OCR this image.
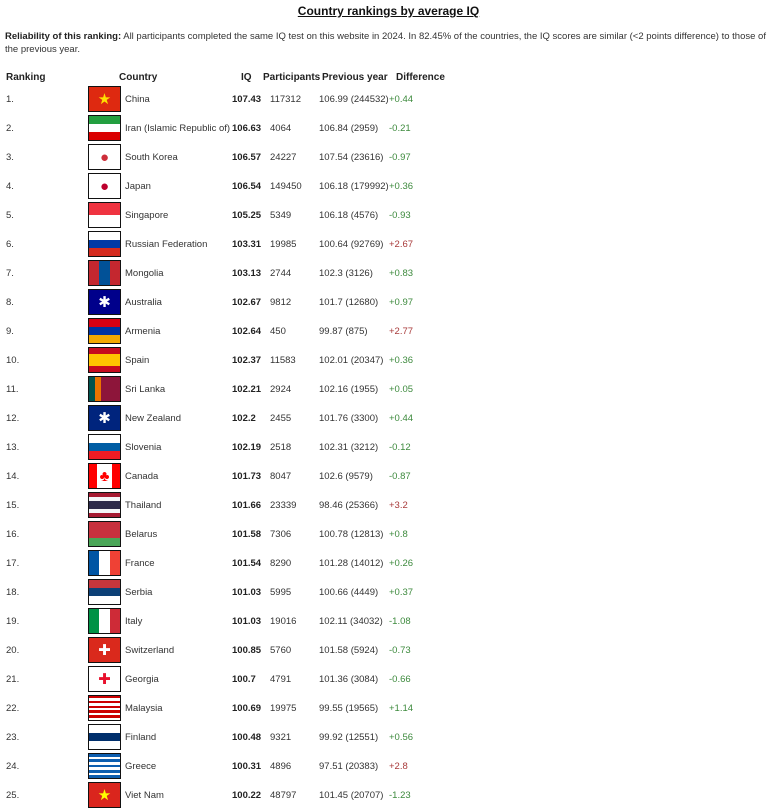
Country rankings by average IQ
Reliability of this ranking: All participants completed the same IQ test on this website in 2024. In 82.45% of the countries, the IQ scores are similar (<2 points difference) to those of the previous year.
Ranking	Country	IQ Participants Previous year Difference
★
1.	China	107.43 117312 106.99 (244532) +0.44
2.	Iran (Islamic Republic of) 106.63 4064	106.84 (2959) -0.21
●
3.	South Korea	106.57 24227 107.54 (23616) -0.97
●
4.	Japan	106.54 149450 106.18 (179992) +0.36
5.	Singapore	105.25 5349	106.18 (4576) -0.93
6.	Russian Federation	103.31 19985 100.64 (92769) +2.67
7.	Mongolia	103.13 2744	102.3 (3126) +0.83
✱
8.	Australia	102.67 9812	101.7 (12680) +0.97
9.	Armenia	102.64 450	99.87 (875) +2.77
10.	Spain	102.37 11583 102.01 (20347) +0.36
11.	Sri Lanka	102.21 2924	102.16 (1955) +0.05
✱
12.	New Zealand	102.2 2455	101.76 (3300) +0.44
13.	Slovenia	102.19 2518	102.31 (3212) -0.12
♣
14.	Canada	101.73 8047	102.6 (9579) -0.87
15.	Thailand	101.66 23339 98.46 (25366) +3.2
16.	Belarus	101.58 7306	100.78 (12813) +0.8
17.	France	101.54 8290	101.28 (14012) +0.26
18.	Serbia	101.03 5995	100.66 (4449) +0.37
19.	Italy	101.03 19016 102.11 (34032) -1.08
✚
20.	Switzerland	100.85 5760	101.58 (5924) -0.73
✚
21.	Georgia	100.7 4791	101.36 (3084) -0.66
22.	Malaysia	100.69 19975 99.55 (19565) +1.14
23.	Finland	100.48 9321	99.92 (12551) +0.56
24.	Greece	100.31 4896	97.51 (20383) +2.8
★
25.	Viet Nam	100.22 48797 101.45 (20707) -1.23
